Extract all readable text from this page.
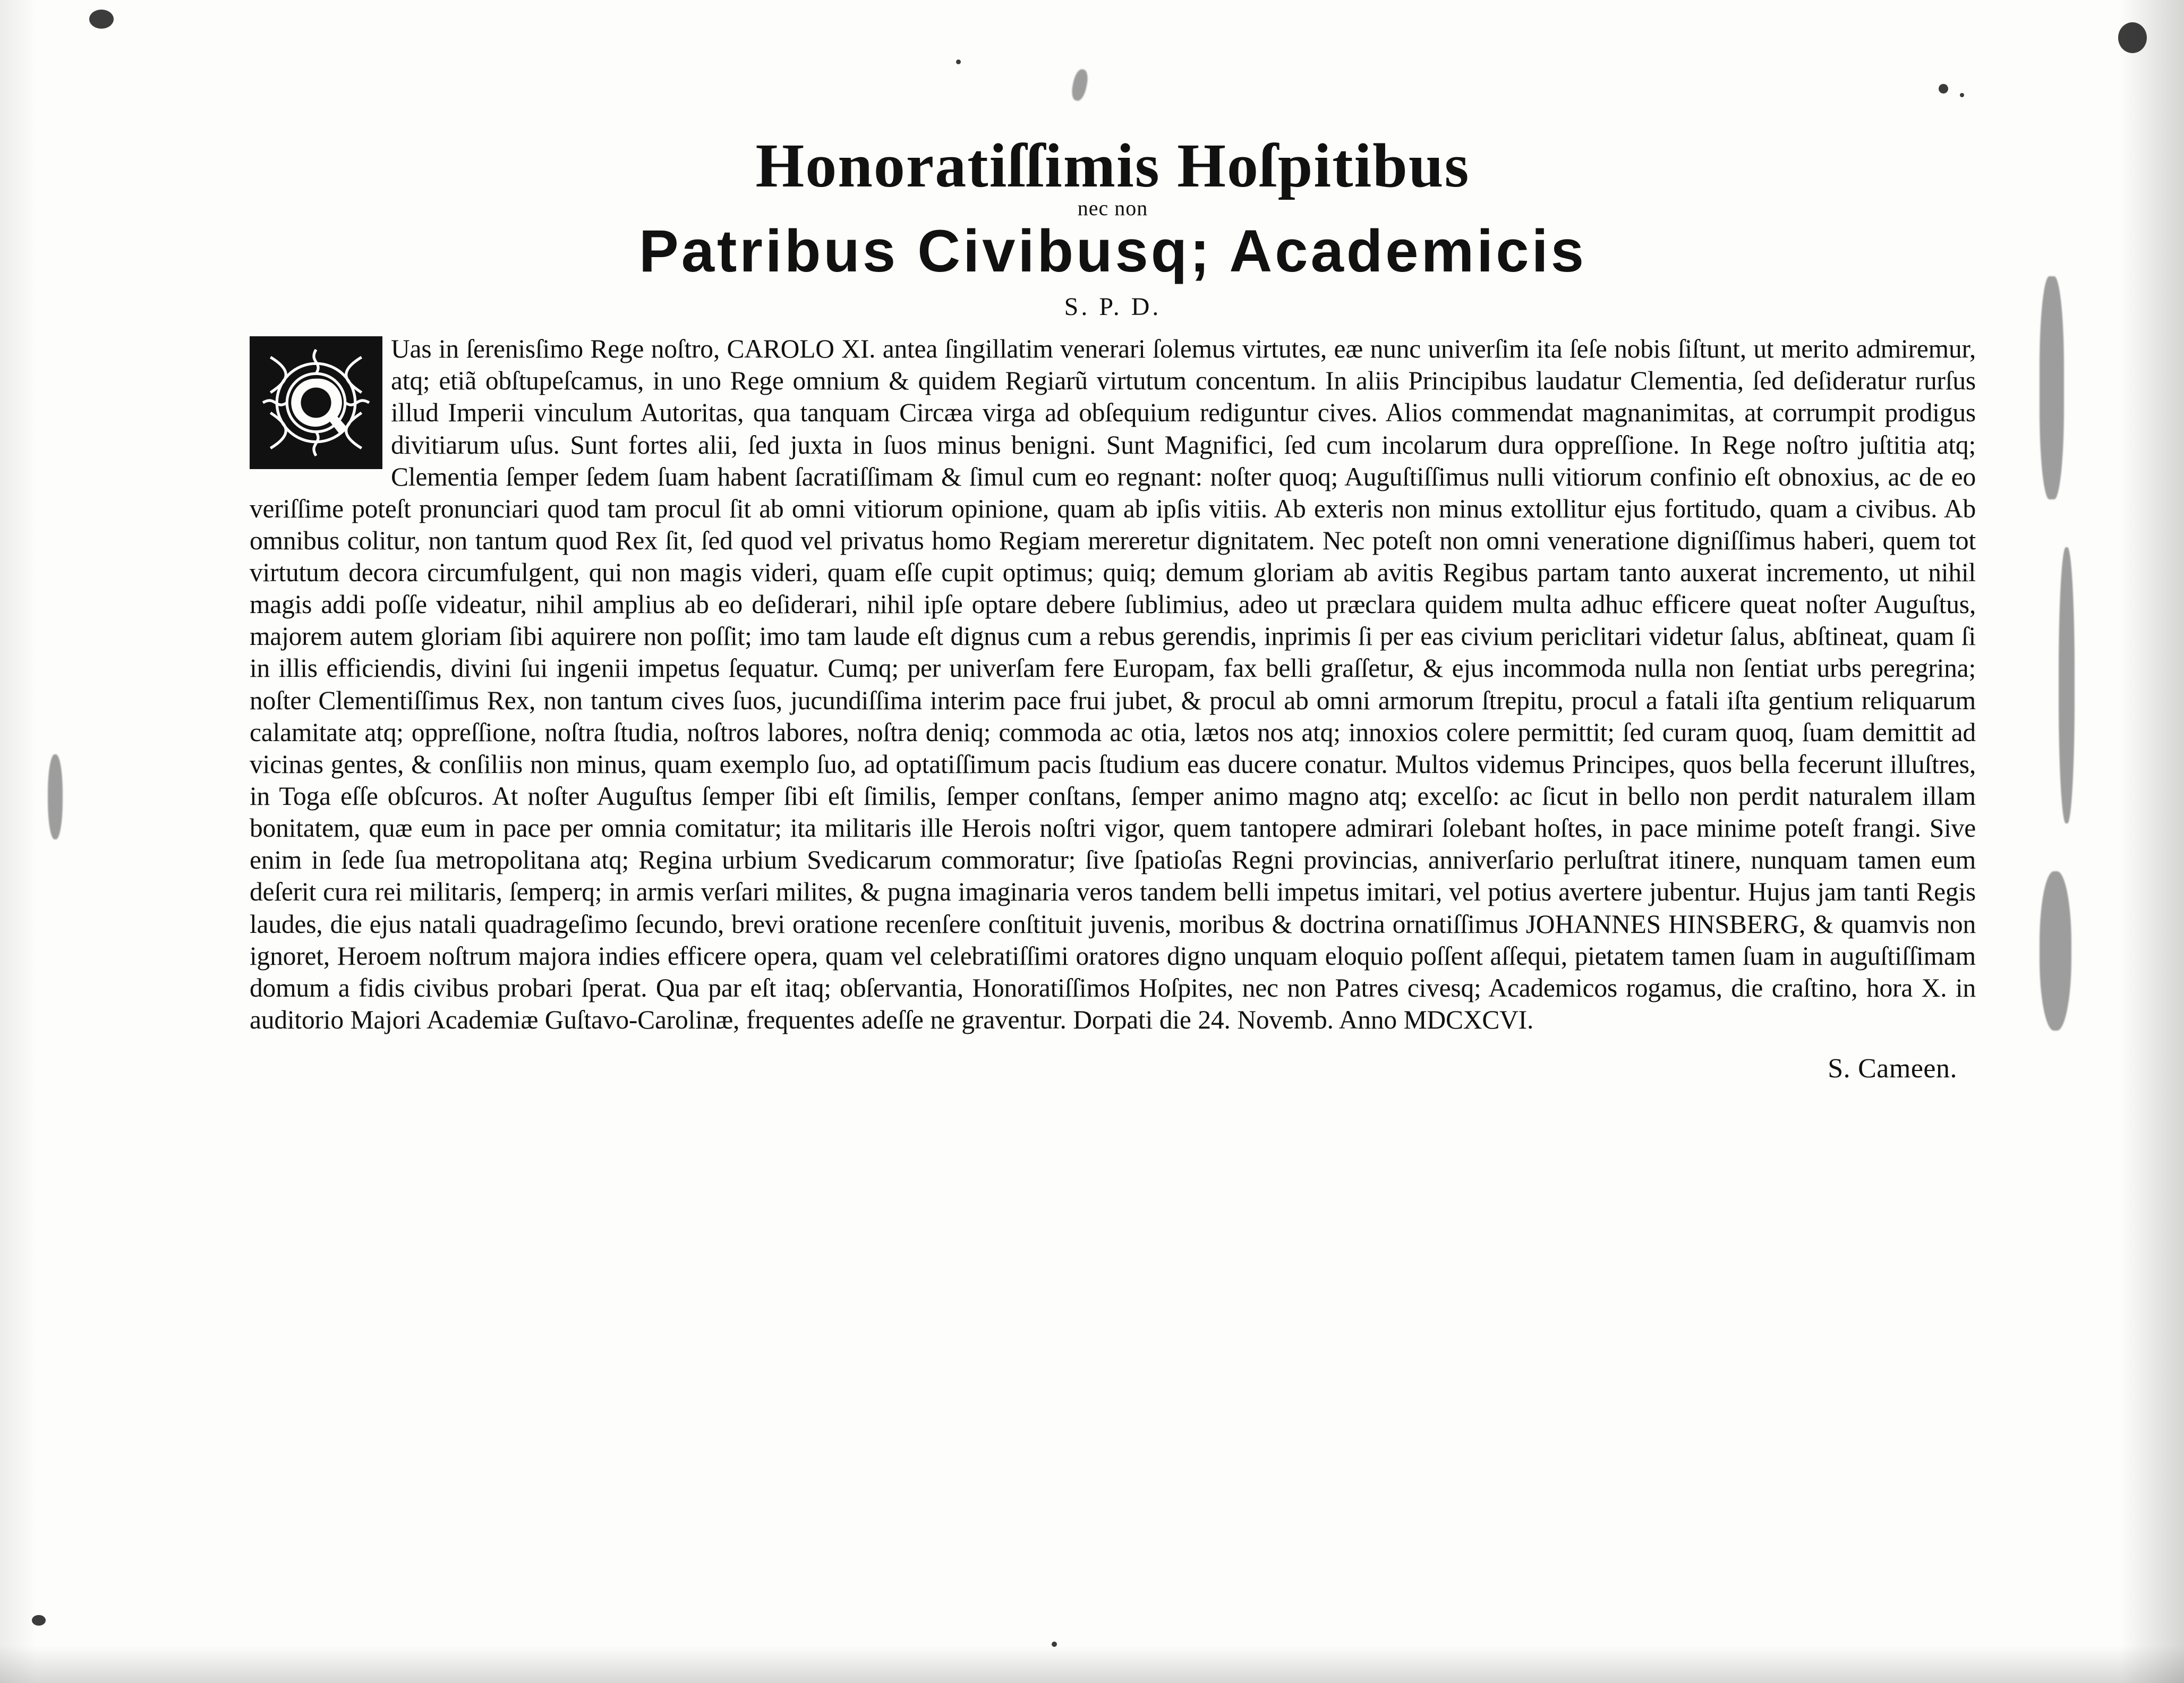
Honoratiſſimis Hoſpitibus
nec non
Patribus Civibusq; Academicis
S. P. D.

Uas in ſerenisſimo Rege noſtro, CAROLO XI. antea ſingillatim venerari ſolemus virtutes, eæ nunc univerſim ita ſeſe nobis ſiſtunt, ut merito admiremur, atq; etiã obſtupeſcamus, in uno Rege omnium & quidem Regiarũ virtutum concentum. In aliis Principibus laudatur Clementia, ſed deſideratur rurſus illud Imperii vinculum Autoritas, qua tanquam Circæa virga ad obſequium rediguntur cives. Alios commendat magnanimitas, at corrumpit prodigus divitiarum uſus. Sunt fortes alii, ſed juxta in ſuos minus benigni. Sunt Magnifici, ſed cum incolarum dura oppreſſione. In Rege noſtro juſtitia atq; Clementia ſemper ſedem ſuam habent ſacratiſſimam & ſimul cum eo regnant: noſter quoq; Auguſtiſſimus nulli vitiorum confinio eſt obnoxius, ac de eo veriſſime poteſt pronunciari quod tam procul ſit ab omni vitiorum opinione, quam ab ipſis vitiis. Ab exteris non minus extollitur ejus fortitudo, quam a civibus. Ab omnibus colitur, non tantum quod Rex ſit, ſed quod vel privatus homo Regiam mereretur dignitatem. Nec poteſt non omni veneratione digniſſimus haberi, quem tot virtutum decora circumfulgent, qui non magis videri, quam eſſe cupit optimus; quiq; demum gloriam ab avitis Regibus partam tanto auxerat incremento, ut nihil magis addi poſſe videatur, nihil amplius ab eo deſiderari, nihil ipſe optare debere ſublimius, adeo ut præclara quidem multa adhuc efficere queat noſter Auguſtus, majorem autem gloriam ſibi aquirere non poſſit; imo tam laude eſt dignus cum a rebus gerendis, inprimis ſi per eas civium periclitari videtur ſalus, abſtineat, quam ſi in illis efficiendis, divini ſui ingenii impetus ſequatur. Cumq; per univerſam fere Europam, fax belli graſſetur, & ejus incommoda nulla non ſentiat urbs peregrina; noſter Clementiſſimus Rex, non tantum cives ſuos, jucundiſſima interim pace frui jubet, & procul ab omni armorum ſtrepitu, procul a fatali iſta gentium reliquarum calamitate atq; oppreſſione, noſtra ſtudia, noſtros labores, noſtra deniq; commoda ac otia, lætos nos atq; innoxios colere permittit; ſed curam quoq, ſuam demittit ad vicinas gentes, & conſiliis non minus, quam exemplo ſuo, ad optatiſſimum pacis ſtudium eas ducere conatur. Multos videmus Principes, quos bella fecerunt illuſtres, in Toga eſſe obſcuros. At noſter Auguſtus ſemper ſibi eſt ſimilis, ſemper conſtans, ſemper animo magno atq; excelſo: ac ſicut in bello non perdit naturalem illam bonitatem, quæ eum in pace per omnia comitatur; ita militaris ille Herois noſtri vigor, quem tantopere admirari ſolebant hoſtes, in pace minime poteſt frangi. Sive enim in ſede ſua metropolitana atq; Regina urbium Svedicarum commoratur; ſive ſpatioſas Regni provincias, anniverſario perluſtrat itinere, nunquam tamen eum deſerit cura rei militaris, ſemperq; in armis verſari milites, & pugna imaginaria veros tandem belli impetus imitari, vel potius avertere jubentur. Hujus jam tanti Regis laudes, die ejus natali quadrageſimo ſecundo, brevi oratione recenſere conſtituit juvenis, moribus & doctrina ornatiſſimus JOHANNES HINSBERG, & quamvis non ignoret, Heroem noſtrum majora indies efficere opera, quam vel celebratiſſimi oratores digno unquam eloquio poſſent aſſequi, pietatem tamen ſuam in auguſtiſſimam domum a fidis civibus probari ſperat. Qua par eſt itaq; obſervantia, Honoratiſſimos Hoſpites, nec non Patres civesq; Academicos rogamus, die craſtino, hora X. in auditorio Majori Academiæ Guſtavo-Carolinæ, frequentes adeſſe ne graventur. Dorpati die 24. Novemb. Anno MDCXCVI.

S. Cameen.
